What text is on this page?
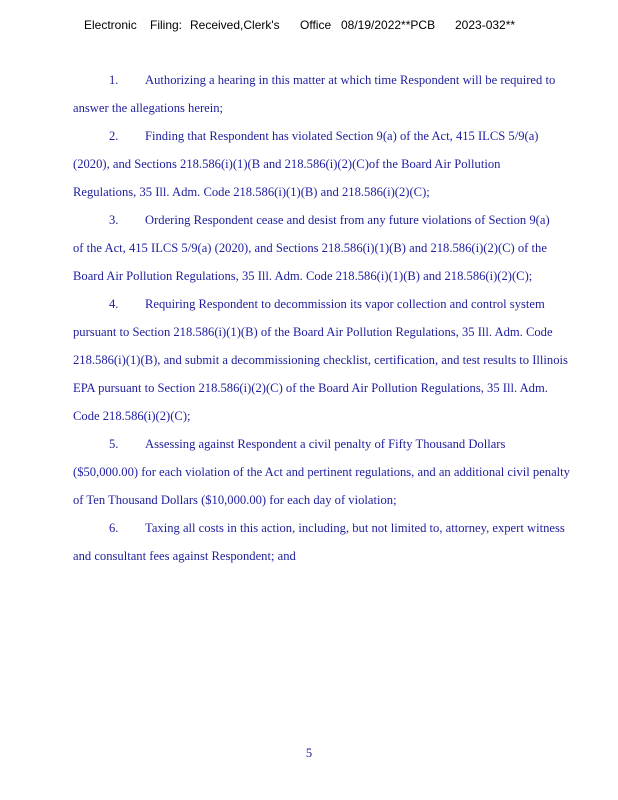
Electronic Filing: Received,Clerk's Office 08/19/2022**PCB 2023-032**
1. Authorizing a hearing in this matter at which time Respondent will be required to
answer the allegations herein;
2. Finding that Respondent has violated Section 9(a) of the Act, 415 ILCS 5/9(a)
(2020), and Sections 218.586(i)(1)(B and 218.586(i)(2)(C)of the Board Air Pollution
Regulations, 35 Ill. Adm. Code 218.586(i)(1)(B) and 218.586(i)(2)(C);
3. Ordering Respondent cease and desist from any future violations of Section 9(a)
of the Act, 415 ILCS 5/9(a) (2020), and Sections 218.586(i)(1)(B) and 218.586(i)(2)(C) of the
Board Air Pollution Regulations, 35 Ill. Adm. Code 218.586(i)(1)(B) and 218.586(i)(2)(C);
4. Requiring Respondent to decommission its vapor collection and control system
pursuant to Section 218.586(i)(1)(B) of the Board Air Pollution Regulations, 35 Ill. Adm. Code
218.586(i)(1)(B), and submit a decommissioning checklist, certification, and test results to Illinois
EPA pursuant to Section 218.586(i)(2)(C) of the Board Air Pollution Regulations, 35 Ill. Adm.
Code 218.586(i)(2)(C);
5. Assessing against Respondent a civil penalty of Fifty Thousand Dollars
($50,000.00) for each violation of the Act and pertinent regulations, and an additional civil penalty
of Ten Thousand Dollars ($10,000.00) for each day of violation;
6. Taxing all costs in this action, including, but not limited to, attorney, expert witness
and consultant fees against Respondent; and
5
